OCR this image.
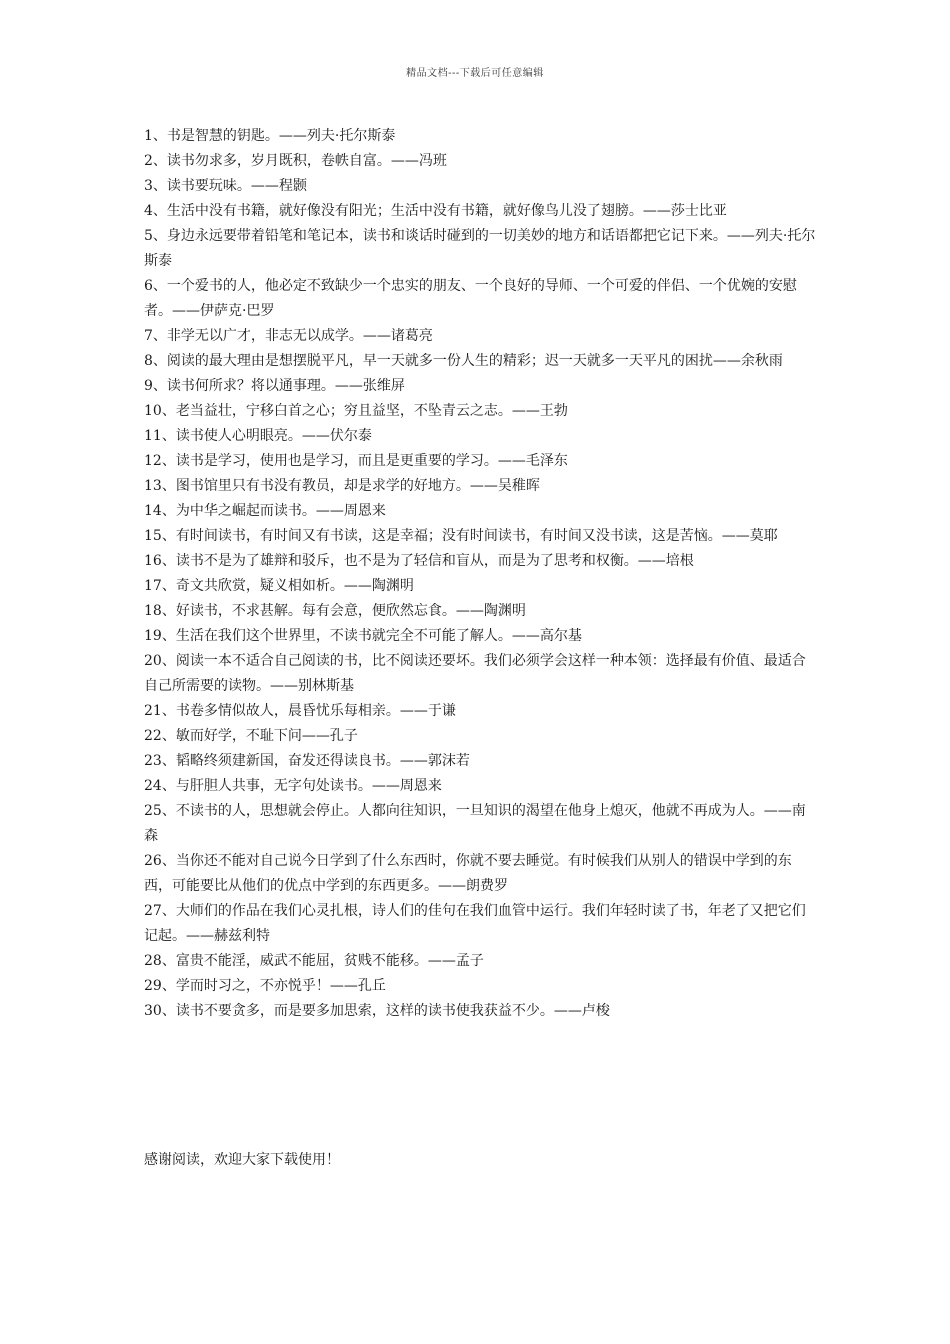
精品文档---下载后可任意编辑
1、书是智慧的钥匙。——列夫·托尔斯泰
2、读书勿求多，岁月既积，卷帙自富。——冯班
3、读书要玩味。——程颢
4、生活中没有书籍，就好像没有阳光；生活中没有书籍，就好像鸟儿没了翅膀。——莎士比亚
5、身边永远要带着铅笔和笔记本，读书和谈话时碰到的一切美妙的地方和话语都把它记下来。——列夫·托尔斯泰
6、一个爱书的人，他必定不致缺少一个忠实的朋友、一个良好的导师、一个可爱的伴侣、一个优婉的安慰者。——伊萨克·巴罗
7、非学无以广才，非志无以成学。——诸葛亮
8、阅读的最大理由是想摆脱平凡，早一天就多一份人生的精彩；迟一天就多一天平凡的困扰——余秋雨
9、读书何所求？将以通事理。——张维屏
10、老当益壮，宁移白首之心；穷且益坚，不坠青云之志。——王勃
11、读书使人心明眼亮。——伏尔泰
12、读书是学习，使用也是学习，而且是更重要的学习。——毛泽东
13、图书馆里只有书没有教员，却是求学的好地方。——吴稚晖
14、为中华之崛起而读书。——周恩来
15、有时间读书，有时间又有书读，这是幸福；没有时间读书，有时间又没书读，这是苦恼。——莫耶
16、读书不是为了雄辩和驳斥，也不是为了轻信和盲从，而是为了思考和权衡。——培根
17、奇文共欣赏，疑义相如析。——陶渊明
18、好读书，不求甚解。每有会意，便欣然忘食。——陶渊明
19、生活在我们这个世界里，不读书就完全不可能了解人。——高尔基
20、阅读一本不适合自己阅读的书，比不阅读还要坏。我们必须学会这样一种本领：选择最有价值、最适合自己所需要的读物。——别林斯基
21、书卷多情似故人，晨昏忧乐每相亲。——于谦
22、敏而好学，不耻下问——孔子
23、韬略终须建新国，奋发还得读良书。——郭沫若
24、与肝胆人共事，无字句处读书。——周恩来
25、不读书的人，思想就会停止。人都向往知识，一旦知识的渴望在他身上熄灭，他就不再成为人。——南森
26、当你还不能对自己说今日学到了什么东西时，你就不要去睡觉。有时候我们从别人的错误中学到的东西，可能要比从他们的优点中学到的东西更多。——朗费罗
27、大师们的作品在我们心灵扎根，诗人们的佳句在我们血管中运行。我们年轻时读了书，年老了又把它们记起。——赫兹利特
28、富贵不能淫，威武不能屈，贫贱不能移。——孟子
29、学而时习之，不亦悦乎！——孔丘
30、读书不要贪多，而是要多加思索，这样的读书使我获益不少。——卢梭

感谢阅读，欢迎大家下载使用！
